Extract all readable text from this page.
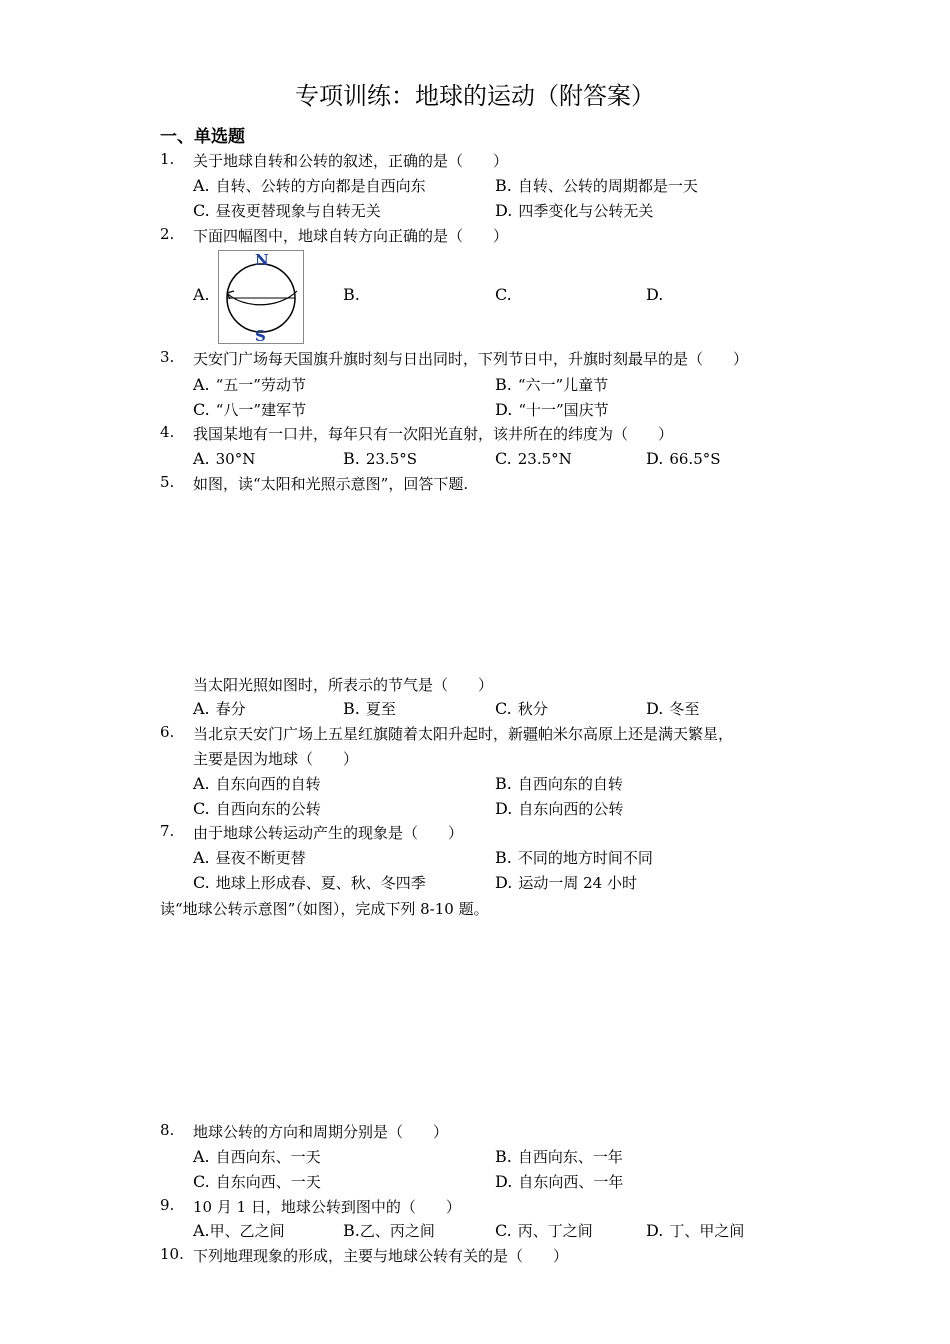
专项训练：地球的运动（附答案）
一、单选题
1. 关于地球自转和公转的叙述，正确的是（　　）
A. 自转、公转的方向都是自西向东	B. 自转、公转的周期都是一天
C. 昼夜更替现象与自转无关	D. 四季变化与公转无关
2. 下面四幅图中，地球自转方向正确的是（　　）
A.
N
S
B.	C.	D.
3. 天安门广场每天国旗升旗时刻与日出同时，下列节日中，升旗时刻最早的是（　　）
A. “五一”劳动节	B. “六一”儿童节
C. “八一”建军节	D. “十一”国庆节
4. 我国某地有一口井，每年只有一次阳光直射，该井所在的纬度为（　　）
A. 30°N	B. 23.5°S	C. 23.5°N	D. 66.5°S
5. 如图，读“太阳和光照示意图”，回答下题.
当太阳光照如图时，所表示的节气是（　　）
A. 春分	B. 夏至	C. 秋分	D. 冬至
6. 当北京天安门广场上五星红旗随着太阳升起时，新疆帕米尔高原上还是满天繁星，
主要是因为地球（　　）
A. 自东向西的自转	B. 自西向东的自转
C. 自西向东的公转	D. 自东向西的公转
7. 由于地球公转运动产生的现象是（　　）
A. 昼夜不断更替	B. 不同的地方时间不同
C. 地球上形成春、夏、秋、冬四季	D. 运动一周 24 小时
读“地球公转示意图”（如图），完成下列 8-10 题。
8. 地球公转的方向和周期分别是（　　）
A. 自西向东、一天	B. 自西向东、一年
C. 自东向西、一天	D. 自东向西、一年
9. 10 月 1 日，地球公转到图中的（　　）
A.甲、乙之间	B.乙、丙之间	C. 丙、丁之间	D. 丁、甲之间
10. 下列地理现象的形成，主要与地球公转有关的是（　　）
